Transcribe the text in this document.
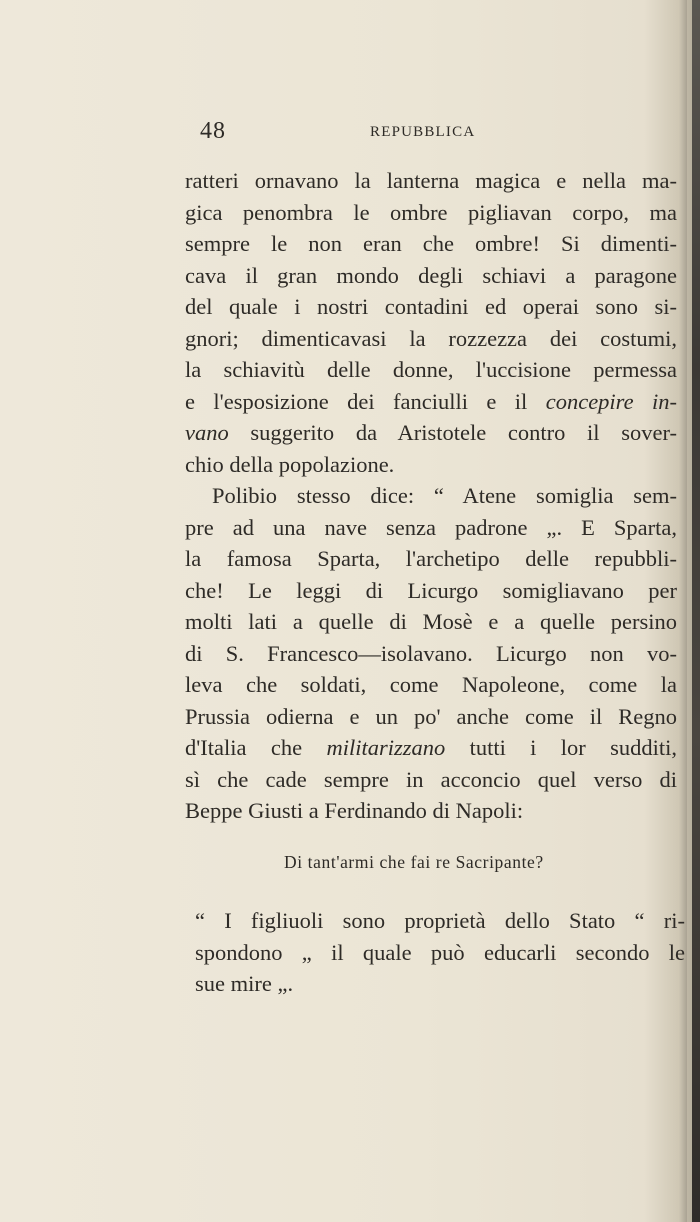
48	REPUBBLICA
ratteri ornavano la lanterna magica e nella ma-
gica penombra le ombre pigliavan corpo, ma
sempre le non eran che ombre! Si dimenti-
cava il gran mondo degli schiavi a paragone
del quale i nostri contadini ed operai sono si-
gnori; dimenticavasi la rozzezza dei costumi,
la schiavitù delle donne, l'uccisione permessa
e l'esposizione dei fanciulli e il concepire in-
vano suggerito da Aristotele contro il sover-
chio della popolazione.
Polibio stesso dice: “ Atene somiglia sem-
pre ad una nave senza padrone „. E Sparta,
la famosa Sparta, l'archetipo delle repubbli-
che! Le leggi di Licurgo somigliavano per
molti lati a quelle di Mosè e a quelle persino
di S. Francesco—isolavano. Licurgo non vo-
leva che soldati, come Napoleone, come la
Prussia odierna e un po' anche come il Regno
d'Italia che militarizzano tutti i lor sudditi,
sì che cade sempre in acconcio quel verso di
Beppe Giusti a Ferdinando di Napoli:
Di tant'armi che fai re Sacripante?
“ I figliuoli sono proprietà dello Stato “ ri-
spondono „ il quale può educarli secondo le
sue mire „.
